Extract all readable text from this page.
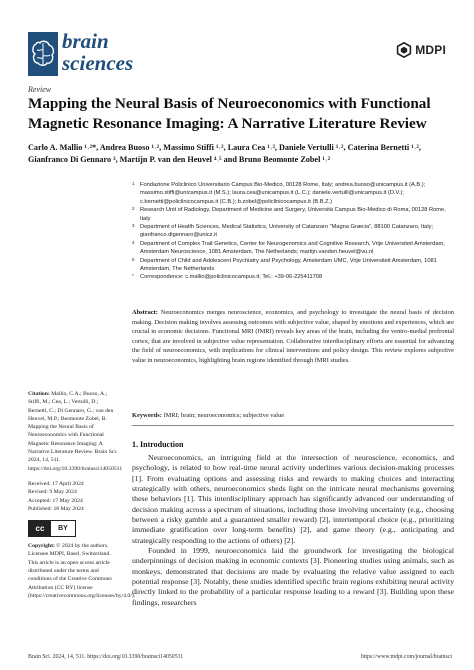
brain
sciences
MDPI
Review
Mapping the Neural Basis of Neuroeconomics with Functional Magnetic Resonance Imaging: A Narrative Literature Review
Carlo A. Mallio ¹˒²*, Andrea Buoso ¹˒², Massimo Stiffi ¹˒², Laura Cea ¹˒², Daniele Vertulli ¹˒², Caterina Bernetti ¹˒², Gianfranco Di Gennaro ³, Martijn P. van den Heuvel ⁴˒⁵ and Bruno Beomonte Zobel ¹˒²
1 Fondazione Policlinico Universitario Campus Bio-Medico, 00128 Rome, Italy; andrea.buoso@unicampus.it (A.B.); massimo.stiffi@unicampus.it (M.S.); laura.cea@unicampus.it (L.C.); daniele.vertulli@unicampus.it (D.V.); c.bernetti@policlinicocampus.it (C.B.); b.zobel@policlinicocampus.it (B.B.Z.)
2 Research Unit of Radiology, Department of Medicine and Surgery, Università Campus Bio-Medico di Roma, 00128 Rome, Italy
3 Department of Health Sciences, Medical Statistics, University of Catanzaro “Magna Græcia”, 88100 Catanzaro, Italy; gianfranco.digennaro@unicz.it
4 Department of Complex Trait Genetics, Center for Neurogenomics and Cognitive Research, Vrije Universiteit Amsterdam, Amsterdam Neuroscience, 1081 Amsterdam, The Netherlands; martijn.vanden.heuvel@vu.nl
5 Department of Child and Adolescent Psychiatry and Psychology, Amsterdam UMC, Vrije Universiteit Amsterdam, 1081 Amsterdam, The Netherlands
*	Correspondence: c.mallio@policlinicocampus.it; Tel.: +39-06-225411708
Abstract: Neuroeconomics merges neuroscience, economics, and psychology to investigate the neural basis of decision making. Decision making involves assessing outcomes with subjective value, shaped by emotions and experiences, which are crucial in economic decisions. Functional MRI (fMRI) reveals key areas of the brain, including the ventro-medial prefrontal cortex, that are involved in subjective value representation. Collaborative interdisciplinary efforts are essential for advancing the field of neuroeconomics, with implications for clinical interventions and policy design. This review explores subjective value in neuroeconomics, highlighting brain regions identified through fMRI studies.
Keywords: fMRI; brain; neuroeconomics; subjective value
Citation: Mallio, C.A.; Buoso, A.; Stiffi, M.; Cea, L.; Vertulli, D.; Bernetti, C.; Di Gennaro, G.; van den Heuvel, M.P.; Beomonte Zobel, B. Mapping the Neural Basis of Neuroeconomics with Functional Magnetic Resonance Imaging: A Narrative Literature Review. Brain Sci. 2024, 14, 511. https://doi.org/10.3390/brainsci14050511
Received: 17 April 2024
Revised: 9 May 2024
Accepted: 17 May 2024
Published: 18 May 2024
cc	BY
Copyright: © 2024 by the authors. Licensee MDPI, Basel, Switzerland. This article is an open access article distributed under the terms and conditions of the Creative Commons Attribution (CC BY) license (https://creativecommons.org/licenses/by/4.0/).
1. Introduction

Neuroeconomics, an intriguing field at the intersection of neuroscience, economics, and psychology, is related to how real-time neural activity underlines various decision-making processes [1]. From evaluating options and assessing risks and rewards to making choices and interacting strategically with others, neuroeconomics sheds light on the intricate neural mechanisms governing these behaviors [1]. This interdisciplinary approach has significantly advanced our understanding of decision making across a spectrum of situations, including those involving uncertainty (e.g., choosing between a risky gamble and a guaranteed smaller reward) [2], intertemporal choice (e.g., prioritizing immediate gratification over long-term benefits) [2], and game theory (e.g., anticipating and strategically responding to the actions of others) [2].

Founded in 1999, neuroeconomics laid the groundwork for investigating the biological underpinnings of decision making in economic contexts [3]. Pioneering studies using animals, such as monkeys, demonstrated that decisions are made by evaluating the relative value assigned to each potential response [3]. Notably, these studies identified specific brain regions exhibiting neural activity directly linked to the probability of a particular response leading to a reward [3]. Building upon these findings, researchers

Brain Sci. 2024, 14, 511. https://doi.org/10.3390/brainsci14050511	https://www.mdpi.com/journal/brainsci
